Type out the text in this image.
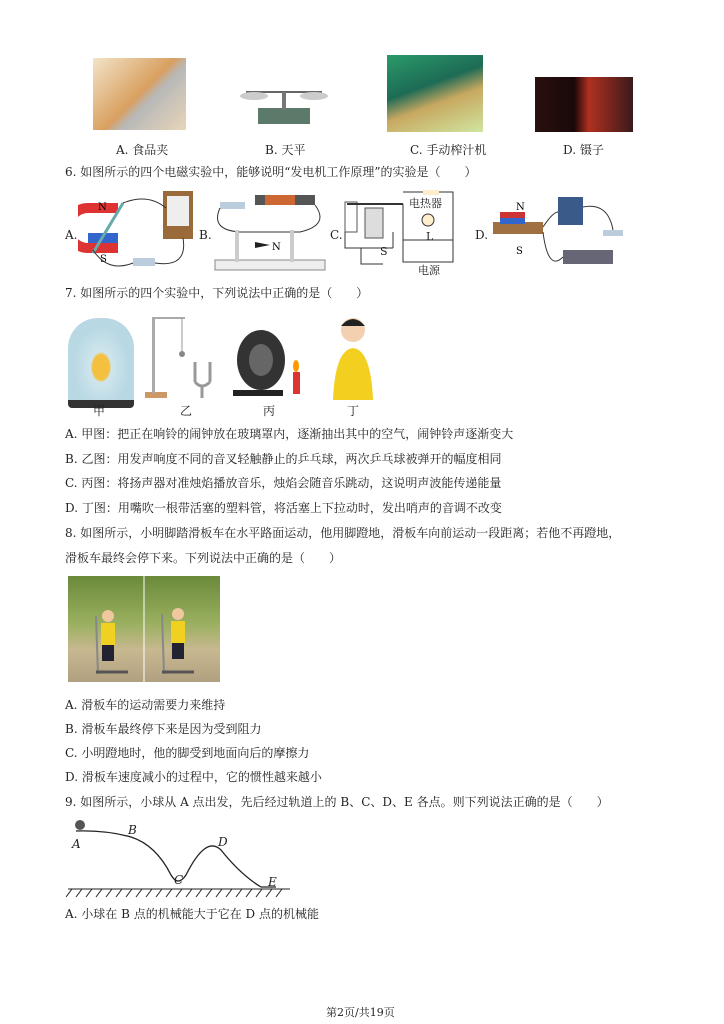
A. 食品夹	B. 天平	C. 手动榨汁机	D. 镊子
6. 如图所示的四个电磁实验中，能够说明“发电机工作原理”的实验是（　　）
A.
N
S
B.
N
C.
电热器
L
S
电源
D.
N
S
7. 如图所示的四个实验中，下列说法中正确的是（　　）
甲	乙	丙	丁
A. 甲图：把正在响铃的闹钟放在玻璃罩内，逐渐抽出其中的空气，闹钟铃声逐渐变大
B. 乙图：用发声响度不同的音叉轻触静止的乒乓球，两次乒乓球被弹开的幅度相同
C. 丙图：将扬声器对准烛焰播放音乐，烛焰会随音乐跳动，这说明声波能传递能量
D. 丁图：用嘴吹一根带活塞的塑料管，将活塞上下拉动时，发出哨声的音调不改变
8. 如图所示，小明脚踏滑板车在水平路面运动，他用脚蹬地，滑板车向前运动一段距离；若他不再蹬地，
滑板车最终会停下来。下列说法中正确的是（　　）
A. 滑板车的运动需要力来维持
B. 滑板车最终停下来是因为受到阻力
C. 小明蹬地时，他的脚受到地面向后的摩擦力
D. 滑板车速度减小的过程中，它的惯性越来越小
9. 如图所示，小球从 A 点出发，先后经过轨道上的 B、C、D、E 各点。则下列说法正确的是（　　）
A
B
C
D
E
A. 小球在 B 点的机械能大于它在 D 点的机械能
第2页/共19页
